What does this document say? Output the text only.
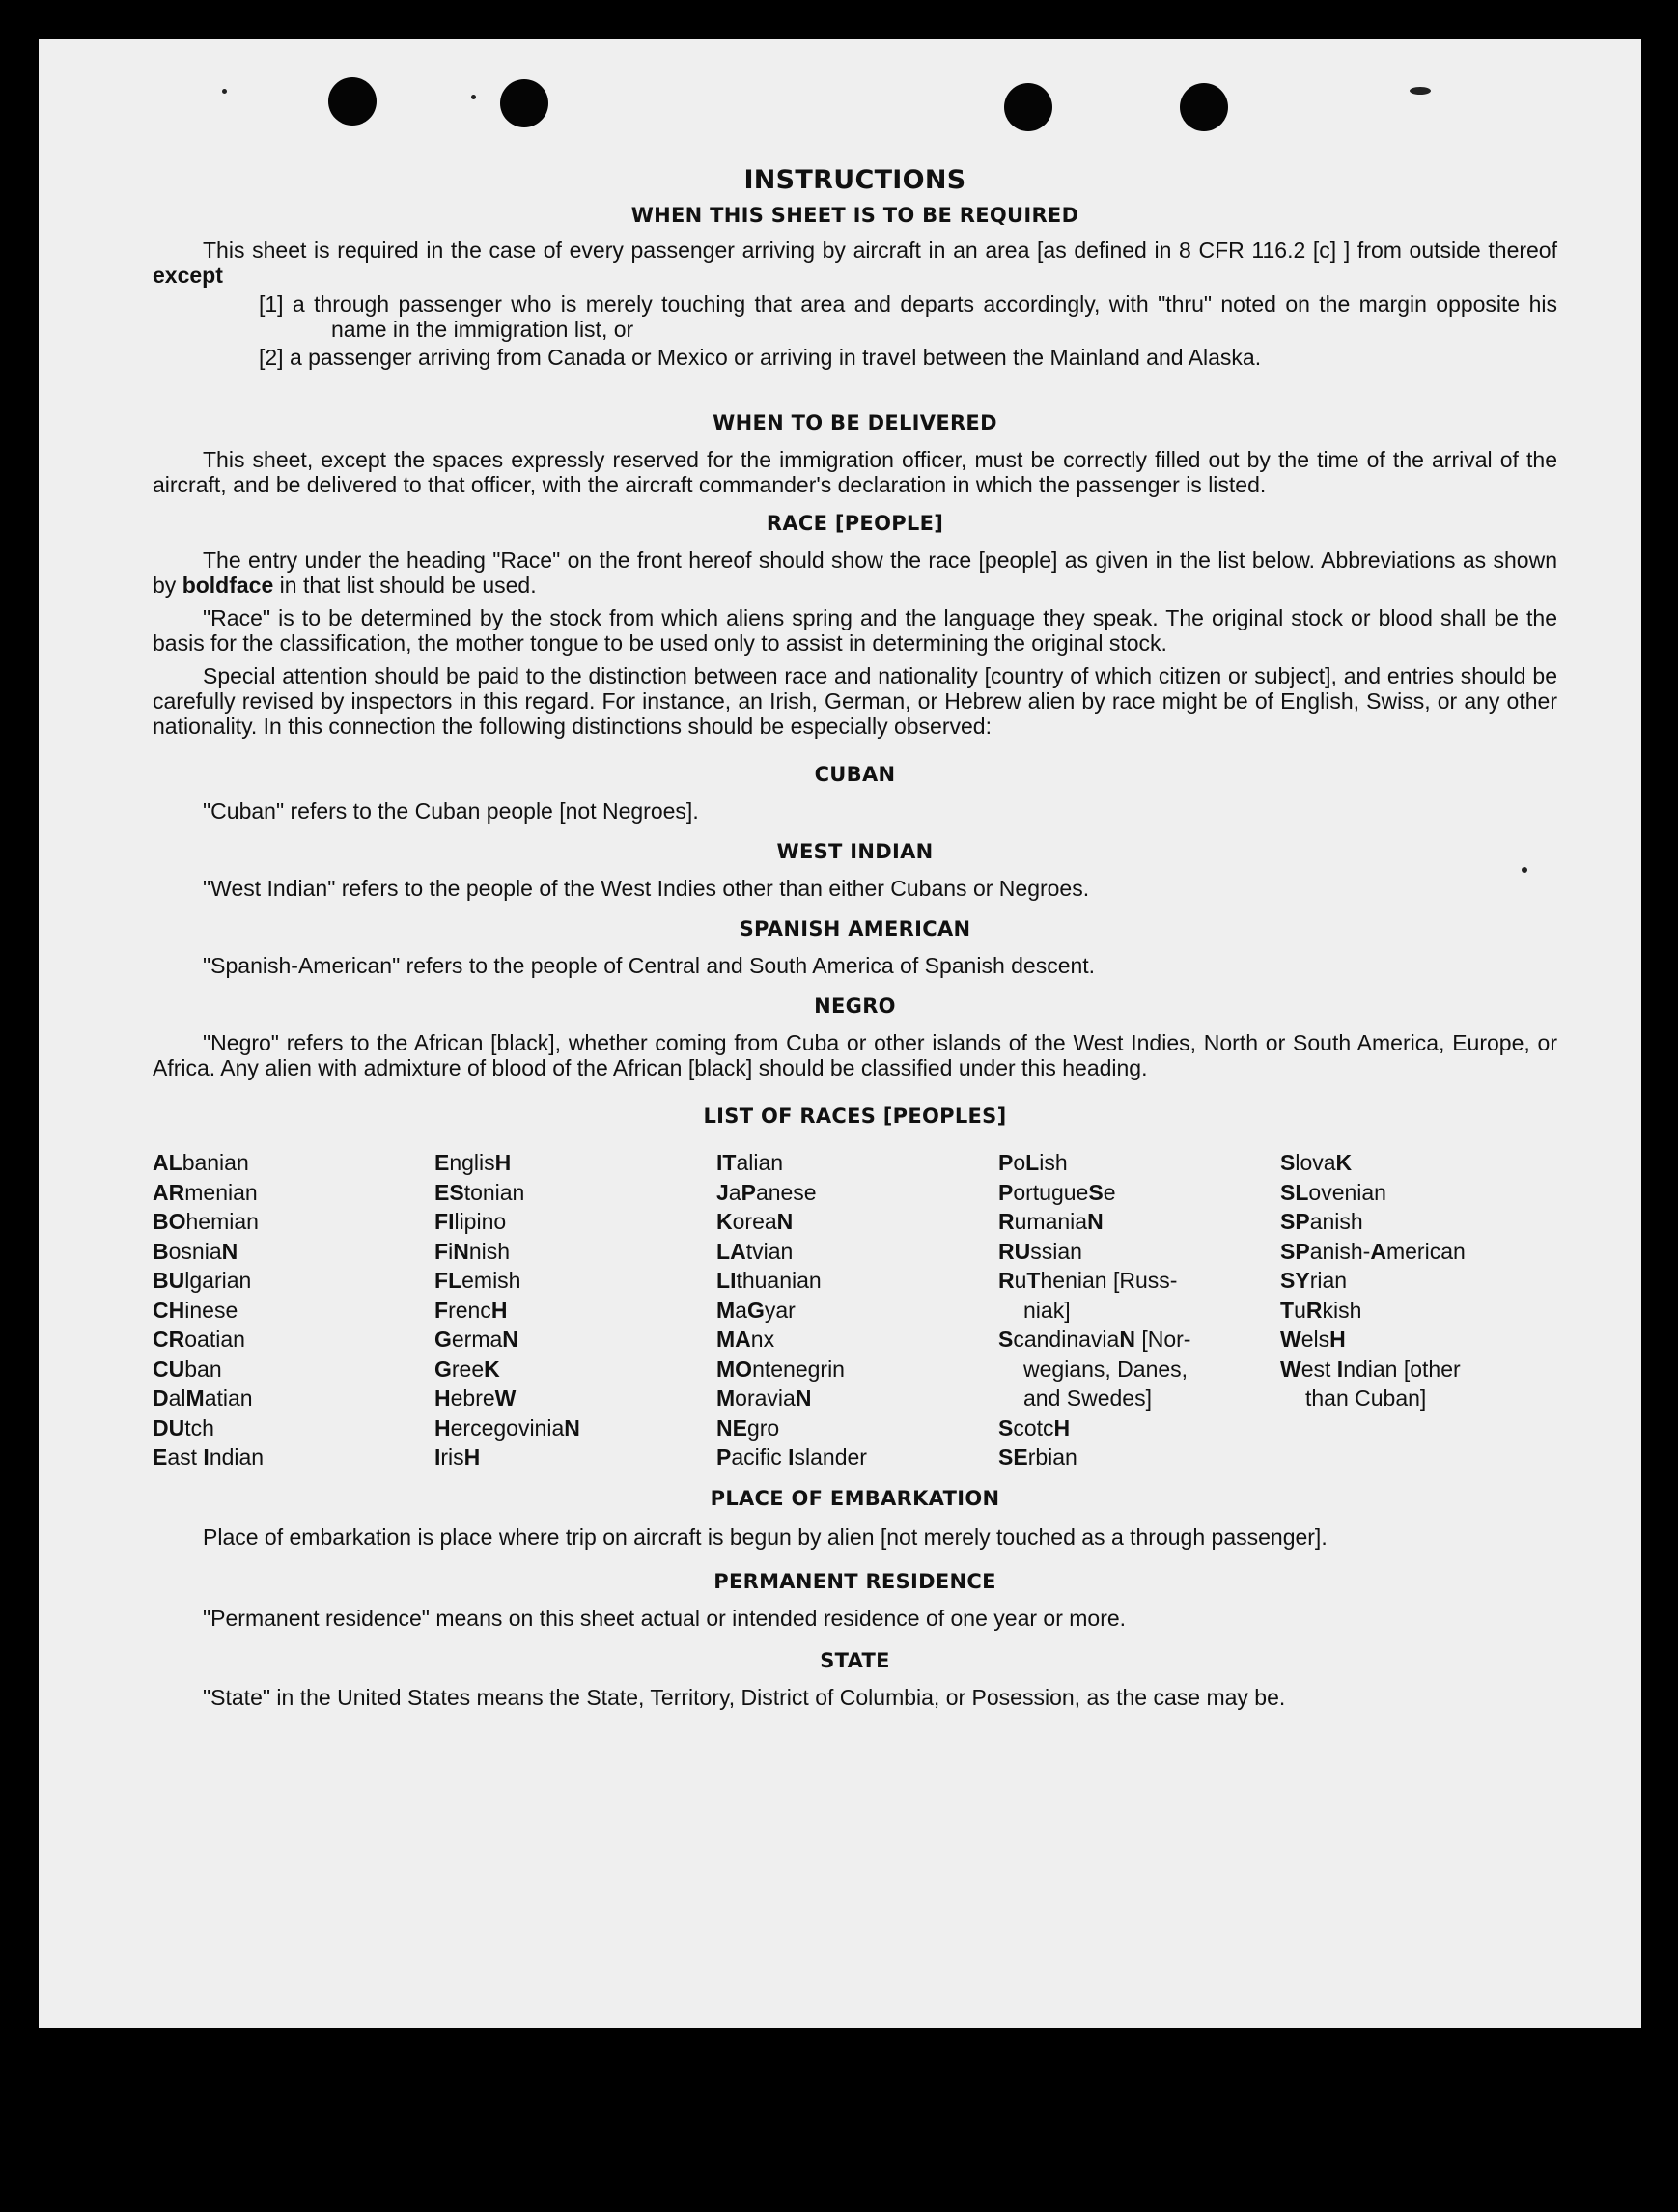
INSTRUCTIONS
WHEN THIS SHEET IS TO BE REQUIRED

This sheet is required in the case of every passenger arriving by aircraft in an area [as defined in 8 CFR 116.2 [c] ] from outside thereof except

[1] a through passenger who is merely touching that area and departs accordingly, with "thru" noted on the margin opposite his name in the immigration list, or

[2] a passenger arriving from Canada or Mexico or arriving in travel between the Mainland and Alaska.

WHEN TO BE DELIVERED

This sheet, except the spaces expressly reserved for the immigration officer, must be correctly filled out by the time of the arrival of the aircraft, and be delivered to that officer, with the aircraft commander's declaration in which the passenger is listed.

RACE [PEOPLE]

The entry under the heading "Race" on the front hereof should show the race [people] as given in the list below. Abbreviations as shown by boldface in that list should be used.

"Race" is to be determined by the stock from which aliens spring and the language they speak. The original stock or blood shall be the basis for the classification, the mother tongue to be used only to assist in determining the original stock.

Special attention should be paid to the distinction between race and nationality [country of which citizen or subject], and entries should be carefully revised by inspectors in this regard. For instance, an Irish, German, or Hebrew alien by race might be of English, Swiss, or any other nationality. In this connection the following distinctions should be especially observed:

CUBAN

"Cuban" refers to the Cuban people [not Negroes].

WEST INDIAN

"West Indian" refers to the people of the West Indies other than either Cubans or Negroes.

SPANISH AMERICAN

"Spanish-American" refers to the people of Central and South America of Spanish descent.

NEGRO

"Negro" refers to the African [black], whether coming from Cuba or other islands of the West Indies, North or South America, Europe, or Africa. Any alien with admixture of blood of the African [black] should be classified under this heading.

LIST OF RACES [PEOPLES]
ALbanian
ARmenian
BOhemian
BosniaN
BUlgarian
CHinese
CRoatian
CUban
DalMatian
DUtch
East Indian
EnglisH
EStonian
FIlipino
FiNnish
FLemish
FrencH
GermaN
GreeK
HebreW
HercegoviniaN
IrisH
ITalian
JaPanese
KoreaN
LAtvian
LIthuanian
MaGyar
MAnx
MOntenegrin
MoraviaN
NEgro
Pacific Islander
PoLish
PortugueSe
RumaniaN
RUssian
RuThenian [Russ-
niak]
ScandinaviaN [Nor-
wegians, Danes,
and Swedes]
ScotcH
SErbian
SlovaK
SLovenian
SPanish
SPanish-American
SYrian
TuRkish
WelsH
West Indian [other
than Cuban]
PLACE OF EMBARKATION

Place of embarkation is place where trip on aircraft is begun by alien [not merely touched as a through passenger].

PERMANENT RESIDENCE

"Permanent residence" means on this sheet actual or intended residence of one year or more.

STATE

"State" in the United States means the State, Territory, District of Columbia, or Posession, as the case may be.
